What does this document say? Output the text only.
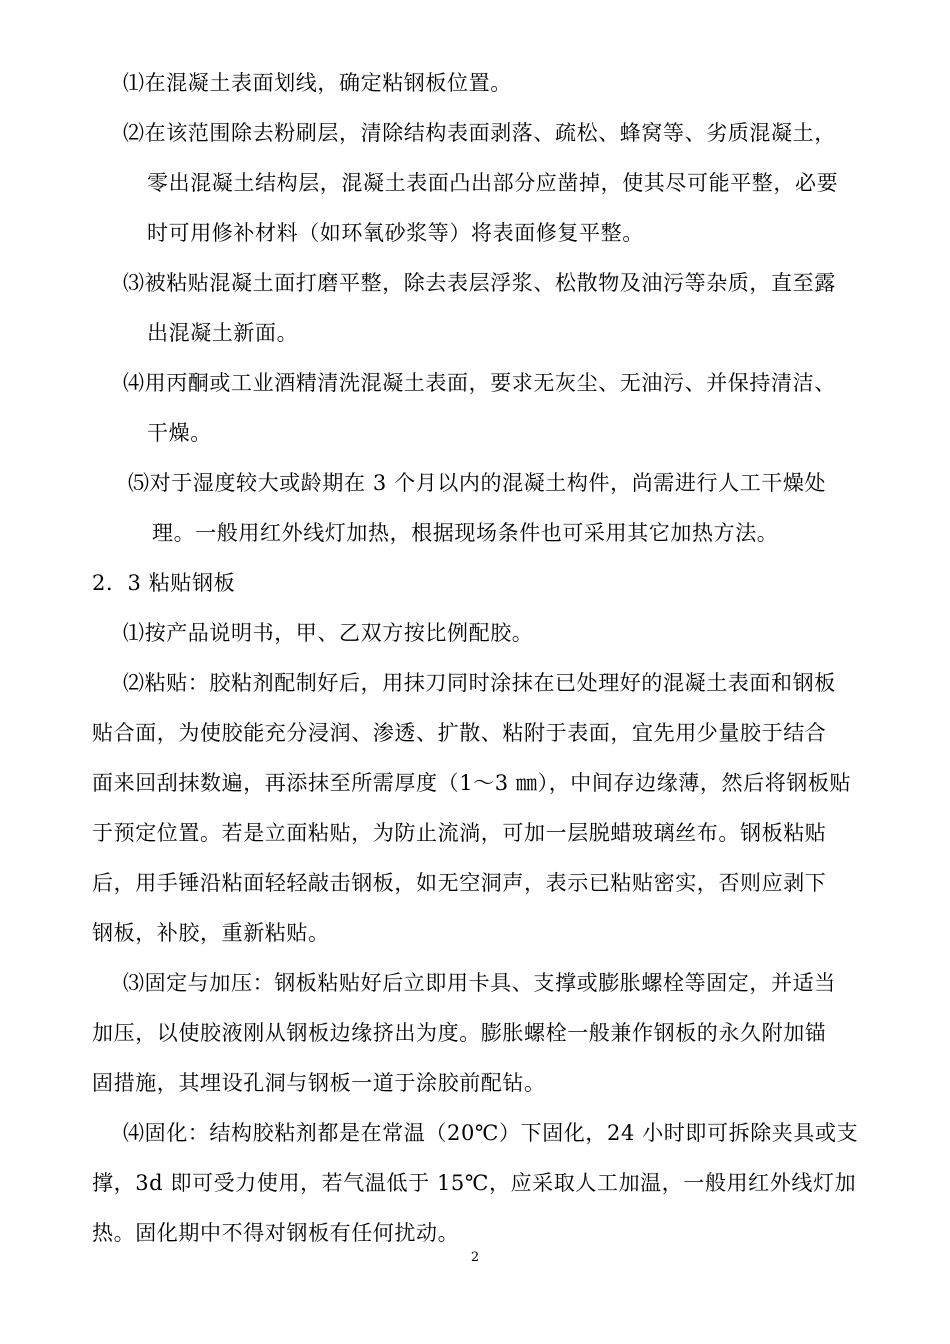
⑴在混凝土表面划线，确定粘钢板位置。
⑵在该范围除去粉刷层，清除结构表面剥落、疏松、蜂窝等、劣质混凝土，
零出混凝土结构层，混凝土表面凸出部分应凿掉，使其尽可能平整，必要
时可用修补材料（如环氧砂浆等）将表面修复平整。
⑶被粘贴混凝土面打磨平整，除去表层浮浆、松散物及油污等杂质，直至露
出混凝土新面。
⑷用丙酮或工业酒精清洗混凝土表面，要求无灰尘、无油污、并保持清洁、
干燥。
⑸对于湿度较大或龄期在 3 个月以内的混凝土构件，尚需进行人工干燥处
理。一般用红外线灯加热，根据现场条件也可采用其它加热方法。
2．3 粘贴钢板
⑴按产品说明书，甲、乙双方按比例配胶。
⑵粘贴：胶粘剂配制好后，用抹刀同时涂抹在已处理好的混凝土表面和钢板
贴合面，为使胶能充分浸润、渗透、扩散、粘附于表面，宜先用少量胶于结合
面来回刮抹数遍，再添抹至所需厚度（1～3 ㎜），中间存边缘薄，然后将钢板贴
于预定位置。若是立面粘贴，为防止流淌，可加一层脱蜡玻璃丝布。钢板粘贴
后，用手锤沿粘面轻轻敲击钢板，如无空洞声，表示已粘贴密实，否则应剥下
钢板，补胶，重新粘贴。
⑶固定与加压：钢板粘贴好后立即用卡具、支撑或膨胀螺栓等固定，并适当
加压，以使胶液刚从钢板边缘挤出为度。膨胀螺栓一般兼作钢板的永久附加锚
固措施，其埋设孔洞与钢板一道于涂胶前配钻。
⑷固化：结构胶粘剂都是在常温（20℃）下固化，24 小时即可拆除夹具或支
撑，3d 即可受力使用，若气温低于 15℃，应采取人工加温，一般用红外线灯加
热。固化期中不得对钢板有任何扰动。
2
